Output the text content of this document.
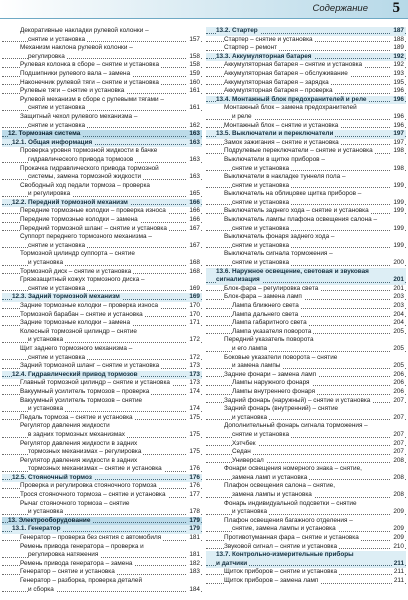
Содержание 5
Декоративные накладки рулевой колонки –
снятие и установка	157
Механизм наклона рулевой колонки –
регулировка	158
Рулевая колонка в сборе – снятие и установка	158
Подшипники рулевого вала – замена	159
Наконечник рулевой тяги – снятие и установка	160
Рулевые тяги – снятие и установка	161
Рулевой механизм в сборе с рулевыми тягами –
снятие и установка	161
Защитный чехол рулевого механизма –
снятие и установка	162
12. Тормозная система	163
12.1. Общая информация	163
Проверка уровня тормозной жидкости в бачке
гидравлического привода тормозов	163
Прокачка гидравлического привода тормозной
системы, замена тормозной жидкости	163
Свободный ход педали тормоза – проверка
и регулировка	165
12.2. Передний тормозной механизм	166
Передние тормозные колодки – проверка износа	166
Передние тормозные колодки – замена	166
Передний тормозной шланг – снятие и установка	167
Суппорт переднего тормозного механизма –
снятие и установка	167
Тормозной цилиндр суппорта – снятие
и установка	168
Тормозной диск – снятие и установка	168
Грязезащитный кожух тормозного диска –
снятие и установка	169
12.3. Задний тормозной механизм	169
Задние тормозные колодки – проверка износа	170
Тормозной барабан – снятие и установка	170
Задние тормозные колодки – замена	171
Колесный тормозной цилиндр – снятие
и установка	172
Щит заднего тормозного механизма –
снятие и установка	172
Задний тормозной шланг – снятие и установка	173
12.4. Гидравлический привод тормозов	173
Главный тормозной цилиндр – снятие и установка	173
Вакуумный усилитель тормозов – проверка	174
Вакуумный усилитель тормозов – снятие
и установка	174
Педаль тормоза – снятие и установка	175
Регулятор давления жидкости
в задних тормозных механизмах	175
Регулятор давления жидкости в задних
тормозных механизмах – регулировка	175
Регулятор давления жидкости в задних
тормозных механизмах – снятие и установка	176
12.5. Стояночный тормоз	176
Проверка и регулировка стояночного тормоза	176
Трося стояночного тормоза – снятие и установка	177
Рычаг стояночного тормоза – снятие
и установка	178
13. Электрооборудование	179
13.1. Генератор	179
Генератор – проверка без снятия с автомобиля	181
Ремень привода генератора – проверка и
регулировка натяжения	181
Ремень привода генератора – замена	182
Генератор – снятие и установка	183
Генератор – разборка, проверка деталей
и сборка	184
13.2. Стартер	187
Стартер – снятие и установка	188
Стартер – ремонт	189
13.3. Аккумуляторная батарея	192
Аккумуляторная батарея – снятие и установка	192
Аккумуляторная батарея – обслуживание	193
Аккумуляторная батарея – зарядка	195
Аккумуляторная батарея – проверка	196
13.4. Монтажный блок предохранителей и реле	196
Монтажный блок – замена предохранителей
и реле	196
Монтажный блок – снятие и установка	196
13.5. Выключатели и переключатели	197
Замок зажигания – снятие и установка	197
Подрулевые переключатели – снятие и установка	198
Выключатели в щитке приборов –
снятие и установка	198
Выключатели в накладке туннеля пола –
снятие и установка	199
Выключатель на облицовке щитка приборов –
снятие и установка	199
Выключатель заднего хода – снятие и установка	199
Выключатель лампы плафона освещения салона –
снятие и установка	199
Выключатель фонаря заднего хода –
снятие и установка	199
Выключатель сигнала торможения –
снятие и установка	200
13.6. Наружное освещение, световая и звуковая
сигнализация	201
Блок-фара – регулировка света	201
Блок-фара – замена ламп	203
Лампа ближнего света	203
Лампа дальнего света	204
Лампа габаритного света	204
Лампа указателя поворота	205
Передний указатель поворота
и его лампа	205
Боковые указатели поворота – снятие
и замена лампы	205
Задние фонари – замена ламп	206
Лампы наружного фонаря	206
Лампы внутреннего фонаря	206
Задний фонарь (наружный) – снятие и установка	207
Задний фонарь (внутренний) – снятие
и установка	207
Дополнительный фонарь сигнала торможения –
снятие и установка	207
Хэтчбек	207
Седан	207
Универсал	208
Фонари освещения номерного знака – снятие,
замена ламп и установка	208
Плафон освещения салона – снятие,
замена лампы и установка	208
Фонарь индивидуальной подсветки – снятие
и установка	209
Плафон освещения багажного отделения –
снятие, замена лампы и установка	209
Противотуманная фара – снятие и установка	209
Звуковой сигнал – снятие и установка	210
13.7. Контрольно-измерительные приборы
и датчики	211
Щиток приборов – снятие и установка	211
Щиток приборов – замена ламп	211
